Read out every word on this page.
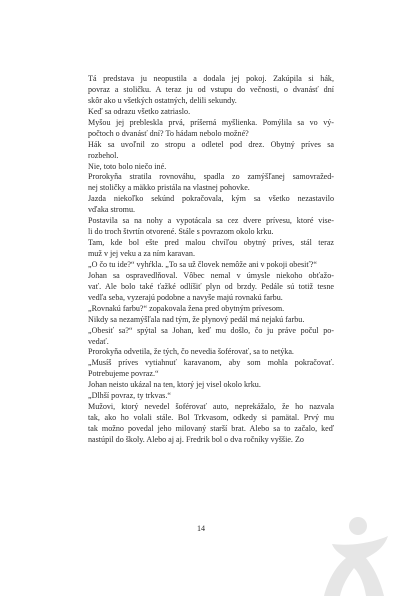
Tá predstava ju neopustila a dodala jej pokoj. Zakúpila si hák,
povraz a stoličku. A teraz ju od vstupu do večnosti, o dvanásť dní
skôr ako u všetkých ostatných, delili sekundy.

Keď sa odrazu všetko zatriaslo.

Myšou jej prebleskla prvá, príšerná myšlienka. Pomýlila sa vo vý-
počtoch o dvanásť dní? To hádam nebolo možné?

Hák sa uvoľnil zo stropu a odletel pod drez. Obytný príves sa
rozbehol.

Nie, toto bolo niečo iné.

Prorokyňa stratila rovnováhu, spadla zo zamýšľanej samovražed-
nej stoličky a mäkko pristála na vlastnej pohovke.

Jazda niekoľko sekúnd pokračovala, kým sa všetko nezastavilo
vďaka stromu.

Postavila sa na nohy a vypotácala sa cez dvere prívesu, ktoré vise-
li do troch štvrtín otvorené. Stále s povrazom okolo krku.

Tam, kde bol ešte pred malou chvíľou obytný príves, stál teraz
muž v jej veku a za ním karavan.

„O čo tu ide?“ vyhŕkla. „To sa už človek nemôže ani v pokoji obesiť?“

Johan sa ospravedlňoval. Vôbec nemal v úmysle niekoho obťažo-
vať. Ale bolo také ťažké odlíšiť plyn od brzdy. Pedále sú totiž tesne
vedľa seba, vyzerajú podobne a navyše majú rovnakú farbu.

„Rovnakú farbu?“ zopakovala žena pred obytným prívesom.

Nikdy sa nezamýšľala nad tým, že plynový pedál má nejakú farbu.

„Obesiť sa?“ spýtal sa Johan, keď mu došlo, čo ju práve počul po-
vedať.

Prorokyňa odvetila, že tých, čo nevedia šoférovať, sa to netýka.

„Musíš príves vytiahnuť karavanom, aby som mohla pokračovať.
Potrebujeme povraz.“

Johan neisto ukázal na ten, ktorý jej visel okolo krku.

„Dlhší povraz, ty trkvas.“

Mužovi, ktorý nevedel šoférovať auto, neprekážalo, že ho nazvala
tak, ako ho volali stále. Bol Trkvasom, odkedy si pamätal. Prvý mu
tak možno povedal jeho milovaný starší brat. Alebo sa to začalo, keď
nastúpil do školy. Alebo aj aj. Fredrik bol o dva ročníky vyššie. Zo

14
